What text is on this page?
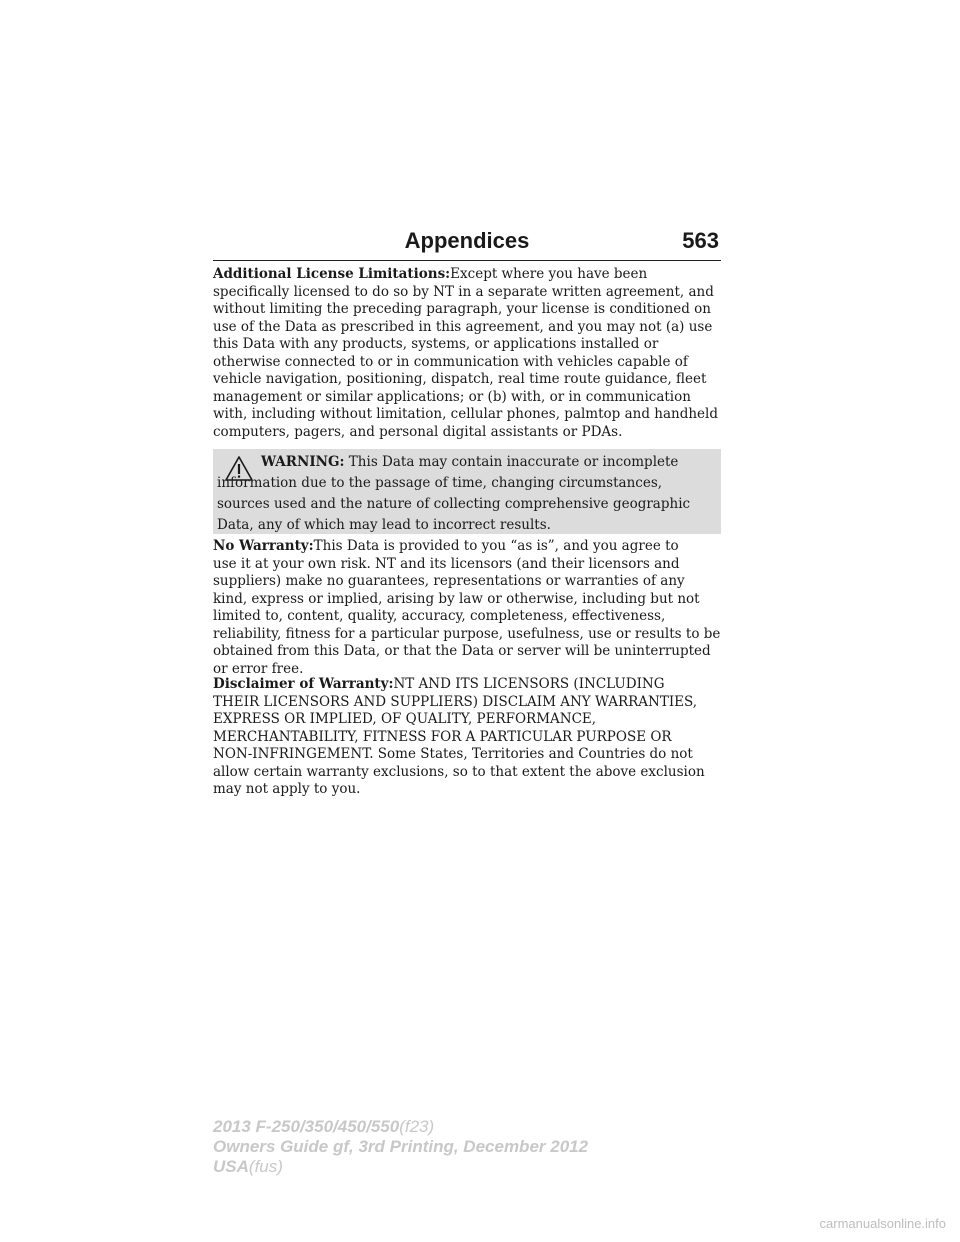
Appendices	563

Additional License Limitations:Except where you have been
specifically licensed to do so by NT in a separate written agreement, and
without limiting the preceding paragraph, your license is conditioned on
use of the Data as prescribed in this agreement, and you may not (a) use
this Data with any products, systems, or applications installed or
otherwise connected to or in communication with vehicles capable of
vehicle navigation, positioning, dispatch, real time route guidance, fleet
management or similar applications; or (b) with, or in communication
with, including without limitation, cellular phones, palmtop and handheld
computers, pagers, and personal digital assistants or PDAs.

WARNING: This Data may contain inaccurate or incomplete
information due to the passage of time, changing circumstances,
sources used and the nature of collecting comprehensive geographic
Data, any of which may lead to incorrect results.

No Warranty:This Data is provided to you “as is”, and you agree to
use it at your own risk. NT and its licensors (and their licensors and
suppliers) make no guarantees, representations or warranties of any
kind, express or implied, arising by law or otherwise, including but not
limited to, content, quality, accuracy, completeness, effectiveness,
reliability, fitness for a particular purpose, usefulness, use or results to be
obtained from this Data, or that the Data or server will be uninterrupted
or error free.

Disclaimer of Warranty:NT AND ITS LICENSORS (INCLUDING
THEIR LICENSORS AND SUPPLIERS) DISCLAIM ANY WARRANTIES,
EXPRESS OR IMPLIED, OF QUALITY, PERFORMANCE,
MERCHANTABILITY, FITNESS FOR A PARTICULAR PURPOSE OR
NON-INFRINGEMENT. Some States, Territories and Countries do not
allow certain warranty exclusions, so to that extent the above exclusion
may not apply to you.

2013 F-250/350/450/550(f23)
Owners Guide gf, 3rd Printing, December 2012
USA(fus)
carmanualsonline.info
